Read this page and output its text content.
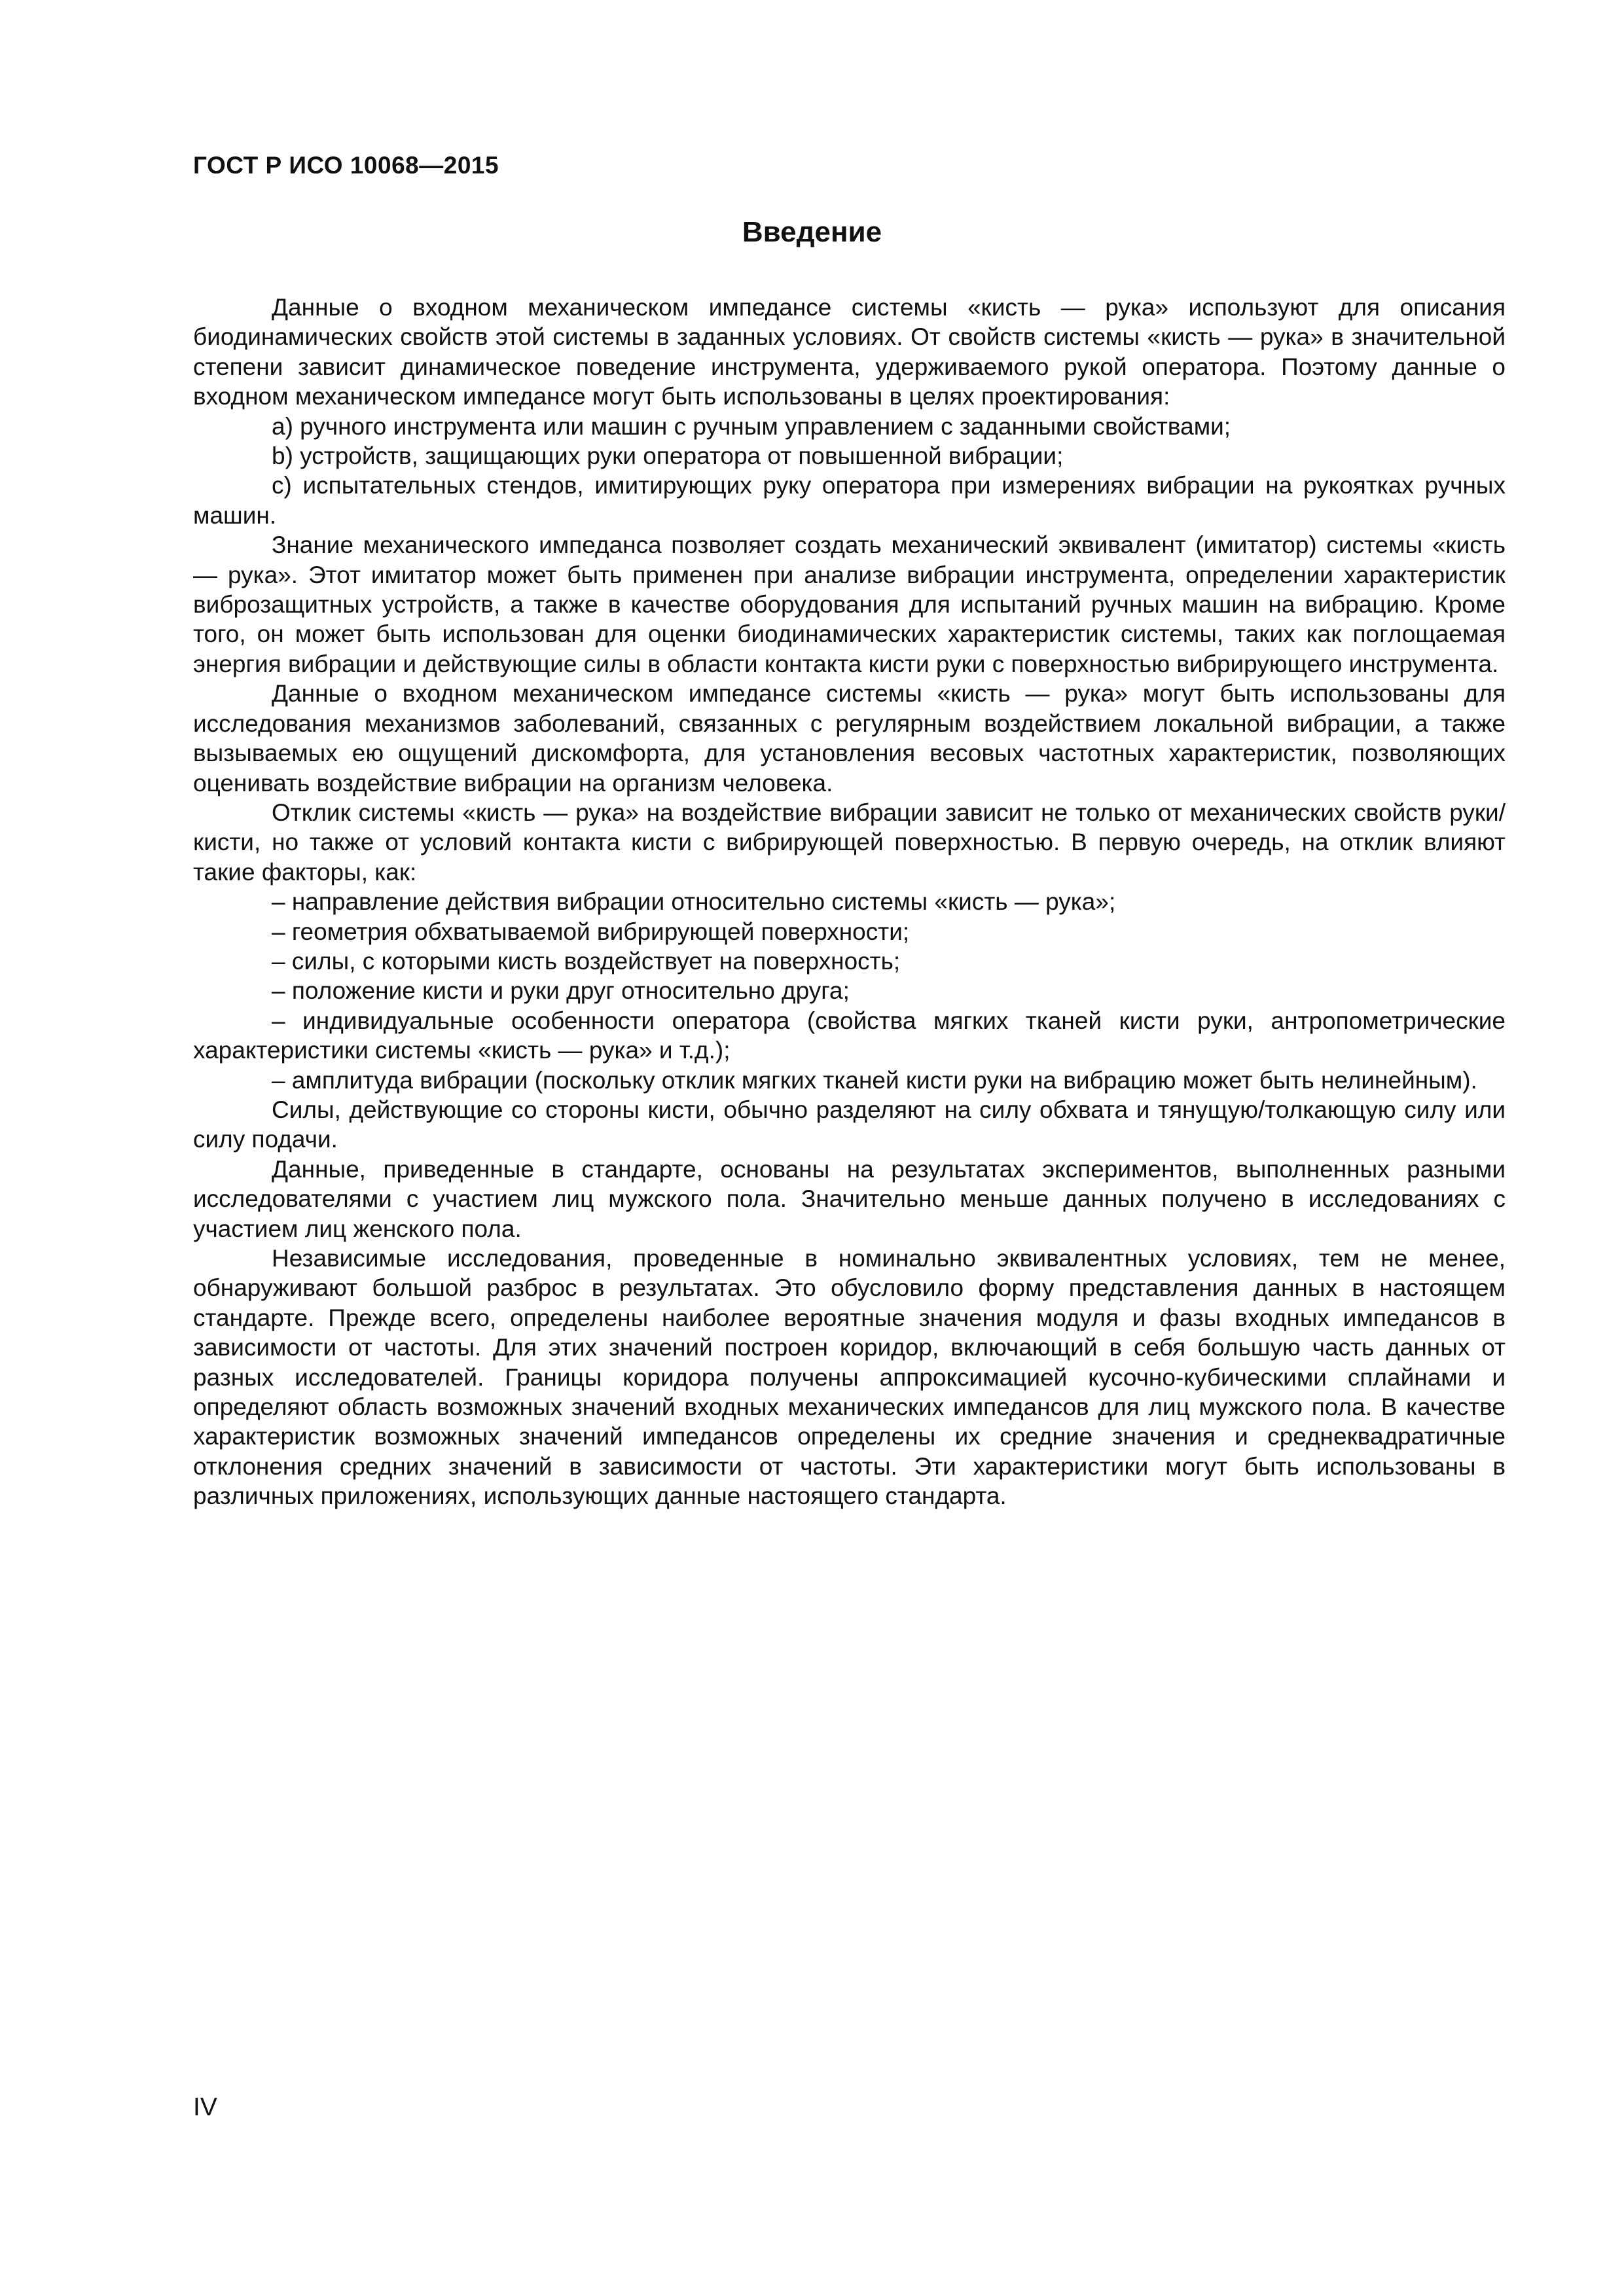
ГОСТ Р ИСО 10068—2015
Введение

Данные о входном механическом импедансе системы «кисть — рука» используют для описания биодинамических свойств этой системы в заданных условиях. От свойств системы «кисть — рука» в значительной степени зависит динамическое поведение инструмента, удерживаемого рукой оператора. Поэтому данные о входном механическом импедансе могут быть использованы в целях проектирования:

a) ручного инструмента или машин с ручным управлением с заданными свойствами;

b) устройств, защищающих руки оператора от повышенной вибрации;

c) испытательных стендов, имитирующих руку оператора при измерениях вибрации на рукоятках ручных машин.

Знание механического импеданса позволяет создать механический эквивалент (имитатор) системы «кисть — рука». Этот имитатор может быть применен при анализе вибрации инструмента, определении характеристик виброзащитных устройств, а также в качестве оборудования для испытаний ручных машин на вибрацию. Кроме того, он может быть использован для оценки биодинамических характеристик системы, таких как поглощаемая энергия вибрации и действующие силы в области контакта кисти руки с поверхностью вибрирующего инструмента.

Данные о входном механическом импедансе системы «кисть — рука» могут быть использованы для исследования механизмов заболеваний, связанных с регулярным воздействием локальной вибрации, а также вызываемых ею ощущений дискомфорта, для установления весовых частотных характеристик, позволяющих оценивать воздействие вибрации на организм человека.

Отклик системы «кисть — рука» на воздействие вибрации зависит не только от механических свойств руки/кисти, но также от условий контакта кисти с вибрирующей поверхностью. В первую очередь, на отклик влияют такие факторы, как:

– направление действия вибрации относительно системы «кисть — рука»;

– геометрия обхватываемой вибрирующей поверхности;

– силы, с которыми кисть воздействует на поверхность;

– положение кисти и руки друг относительно друга;

– индивидуальные особенности оператора (свойства мягких тканей кисти руки, антропометрические характеристики системы «кисть — рука» и т.д.);

– амплитуда вибрации (поскольку отклик мягких тканей кисти руки на вибрацию может быть нелинейным).

Силы, действующие со стороны кисти, обычно разделяют на силу обхвата и тянущую/толкающую силу или силу подачи.

Данные, приведенные в стандарте, основаны на результатах экспериментов, выполненных разными исследователями с участием лиц мужского пола. Значительно меньше данных получено в исследованиях с участием лиц женского пола.

Независимые исследования, проведенные в номинально эквивалентных условиях, тем не менее, обнаруживают большой разброс в результатах. Это обусловило форму представления данных в настоящем стандарте. Прежде всего, определены наиболее вероятные значения модуля и фазы входных импедансов в зависимости от частоты. Для этих значений построен коридор, включающий в себя большую часть данных от разных исследователей. Границы коридора получены аппроксимацией кусочно-кубическими сплайнами и определяют область возможных значений входных механических импедансов для лиц мужского пола. В качестве характеристик возможных значений импедансов определены их средние значения и среднеквадратичные отклонения средних значений в зависимости от частоты. Эти характеристики могут быть использованы в различных приложениях, использующих данные настоящего стандарта.

IV
